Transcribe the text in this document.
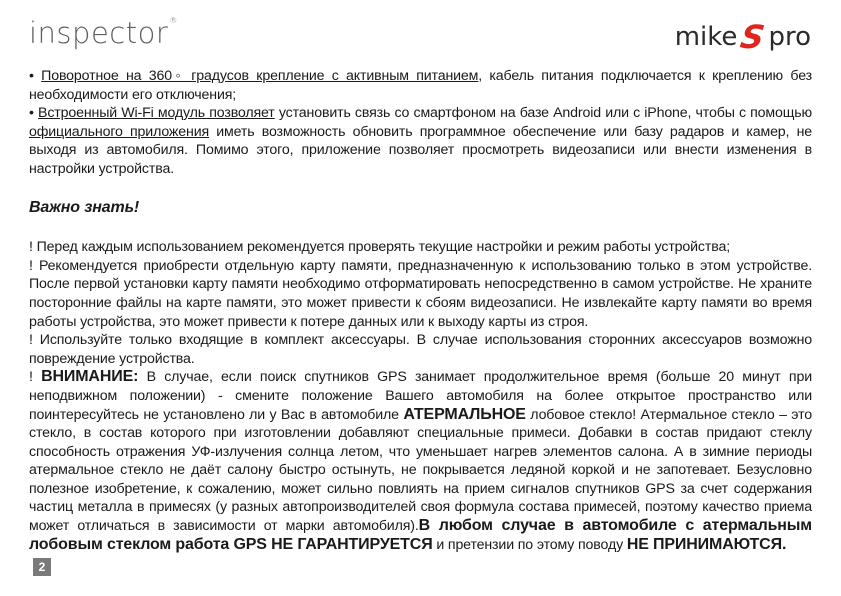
inspector®
mike S pro

• Поворотное на 360◦ градусов крепление с активным питанием, кабель питания подключается к креплению без необходимости его отключения;

• Встроенный Wi-Fi модуль позволяет установить связь со смартфоном на базе Android или с iPhone, чтобы с помощью официального приложения иметь возможность обновить программное обеспечение или базу радаров и камер, не выходя из автомобиля. Помимо этого, приложение позволяет просмотреть видеозаписи или внести изменения в настройки устройства.

Важно знать!

! Перед каждым использованием рекомендуется проверять текущие настройки и режим работы устройства;

! Рекомендуется приобрести отдельную карту памяти, предназначенную к использованию только в этом устройстве. После первой установки карту памяти необходимо отформатировать непосредственно в самом устройстве. Не храните посторонние файлы на карте памяти, это может привести к сбоям видеозаписи. Не извлекайте карту памяти во время работы устройства, это может привести к потере данных или к выходу карты из строя.

! Используйте только входящие в комплект аксессуары. В случае использования сторонних аксессуаров возможно повреждение устройства.

! ВНИМАНИЕ: В случае, если поиск спутников GPS занимает продолжительное время (больше 20 минут при неподвижном положении) - смените положение Вашего автомобиля на более открытое пространство или поинтересуйтесь не установлено ли у Вас в автомобиле АТЕРМАЛЬНОЕ лобовое стекло! Атермальное стекло – это стекло, в состав которого при изготовлении добавляют специальные примеси. Добавки в состав придают стеклу способность отражения УФ-излучения солнца летом, что уменьшает нагрев элементов салона. А в зимние периоды атермальное стекло не даёт салону быстро остынуть, не покрывается ледяной коркой и не запотевает. Безусловно полезное изобретение, к сожалению, может сильно повлиять на прием сигналов спутников GPS за счет содержания частиц металла в примесях (у разных автопроизводителей своя формула состава примесей, поэтому качество приема может отличаться в зависимости от марки автомобиля).В любом случае в автомобиле с атермальным лобовым стеклом работа GPS НЕ ГАРАНТИРУЕТСЯ и претензии по этому поводу НЕ ПРИНИМАЮТСЯ.

2
